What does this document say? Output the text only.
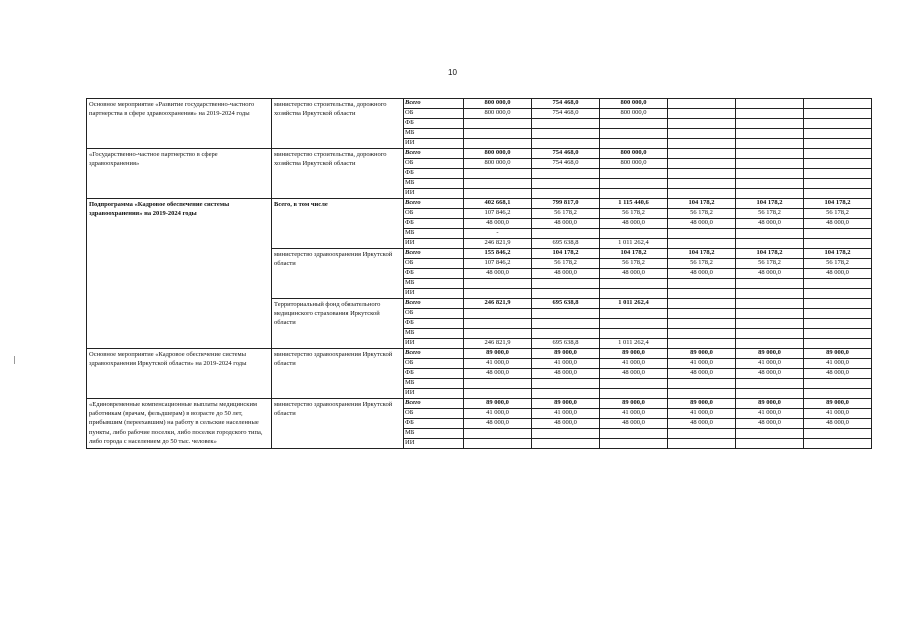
10
Основное мероприятие «Развитие государственно-частного партнерства в сфере здравоохранения» на 2019-2024 годы	министерство строительства, дорожного хозяйства Иркутской области	Всего	800 000,0	754 468,0	800 000,0			
		ОБ	800 000,0	754 468,0	800 000,0			
		ФБ						
		МБ						
		ИИ						
«Государственно-частное партнерство в сфере здравоохранения»	министерство строительства, дорожного хозяйства Иркутской области	Всего	800 000,0	754 468,0	800 000,0			
		ОБ	800 000,0	754 468,0	800 000,0			
		ФБ						
		МБ						
		ИИ						
Подпрограмма «Кадровое обеспечение системы здравоохранения» на 2019-2024 годы	Всего, в том числе	Всего	402 668,1	799 817,0	1 115 440,6	104 178,2	104 178,2	104 178,2
		ОБ	107 846,2	56 178,2	56 178,2	56 178,2	56 178,2	56 178,2
		ФБ	48 000,0	48 000,0	48 000,0	48 000,0	48 000,0	48 000,0
		МБ	-					
		ИИ	246 821,9	695 638,8	1 011 262,4			
	министерство здравоохранения Иркутской области	Всего	155 846,2	104 178,2	104 178,2	104 178,2	104 178,2	104 178,2
		ОБ	107 846,2	56 178,2	56 178,2	56 178,2	56 178,2	56 178,2
		ФБ	48 000,0	48 000,0	48 000,0	48 000,0	48 000,0	48 000,0
		МБ						
		ИИ						
	Территориальный фонд обязательного медицинского страхования Иркутской области	Всего	246 821,9	695 638,8	1 011 262,4			
		ОБ						
		ФБ						
		МБ						
		ИИ	246 821,9	695 638,8	1 011 262,4			
Основное мероприятие «Кадровое обеспечение системы здравоохранения Иркутской области» на 2019-2024 годы	министерство здравоохранения Иркутской области	Всего	89 000,0	89 000,0	89 000,0	89 000,0	89 000,0	89 000,0
		ОБ	41 000,0	41 000,0	41 000,0	41 000,0	41 000,0	41 000,0
		ФБ	48 000,0	48 000,0	48 000,0	48 000,0	48 000,0	48 000,0
		МБ						
		ИИ						
«Единовременные компенсационные выплаты медицинским работникам (врачам, фельдшерам) в возрасте до 50 лет, прибывшим (переехавшим) на работу в сельские населенные пункты, либо рабочие поселки, либо поселки городского типа, либо города с населением до 50 тыс. человек»	министерство здравоохранения Иркутской области	Всего	89 000,0	89 000,0	89 000,0	89 000,0	89 000,0	89 000,0
		ОБ	41 000,0	41 000,0	41 000,0	41 000,0	41 000,0	41 000,0
		ФБ	48 000,0	48 000,0	48 000,0	48 000,0	48 000,0	48 000,0
		МБ						
		ИИ						
